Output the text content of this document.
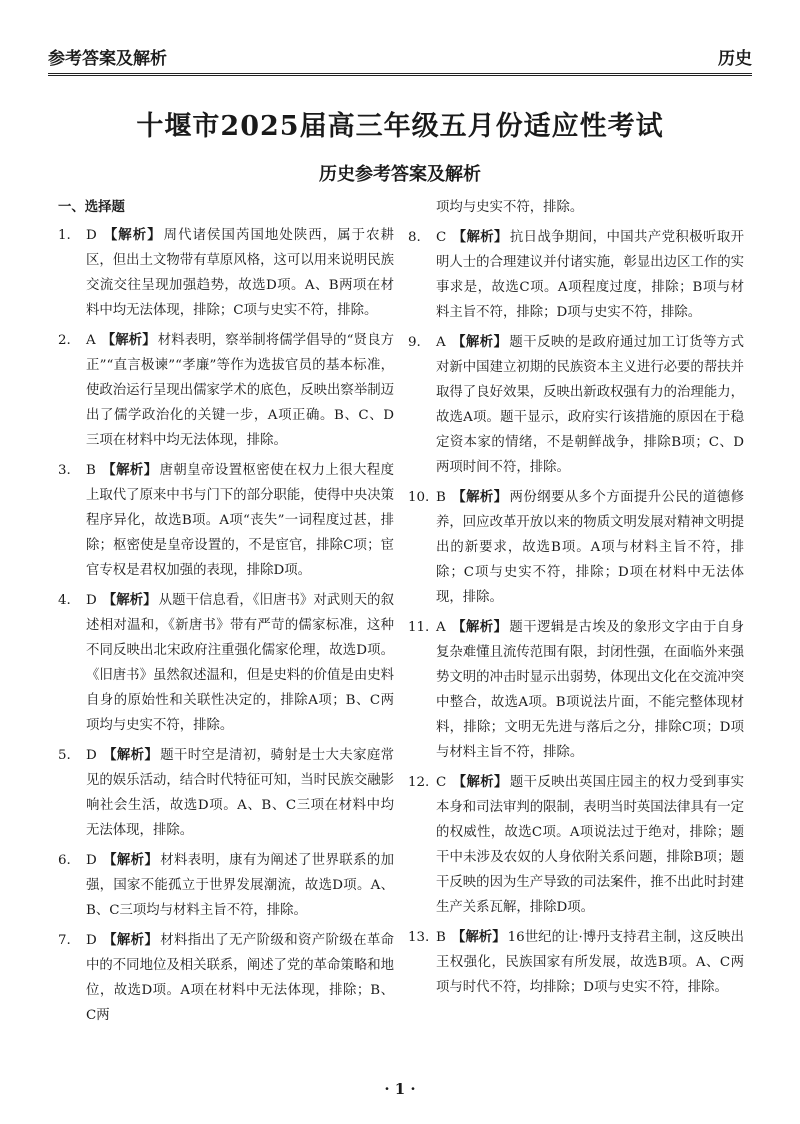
参考答案及解析	历史
十堰市2025届高三年级五月份适应性考试
历史参考答案及解析
一、选择题
1. D 【解析】 周代诸侯国芮国地处陕西，属于农耕区，但出土文物带有草原风格，这可以用来说明民族交流交往呈现加强趋势，故选D项。A、B两项在材料中均无法体现，排除；C项与史实不符，排除。
2. A 【解析】 材料表明，察举制将儒学倡导的“贤良方正”“直言极谏”“孝廉”等作为选拔官员的基本标准，使政治运行呈现出儒家学术的底色，反映出察举制迈出了儒学政治化的关键一步，A项正确。B、C、D三项在材料中均无法体现，排除。
3. B 【解析】 唐朝皇帝设置枢密使在权力上很大程度上取代了原来中书与门下的部分职能，使得中央决策程序异化，故选B项。A项“丧失”一词程度过甚，排除；枢密使是皇帝设置的，不是宦官，排除C项；宦官专权是君权加强的表现，排除D项。
4. D 【解析】 从题干信息看，《旧唐书》对武则天的叙述相对温和，《新唐书》带有严苛的儒家标准，这种不同反映出北宋政府注重强化儒家伦理，故选D项。《旧唐书》虽然叙述温和，但是史料的价值是由史料自身的原始性和关联性决定的，排除A项；B、C两项均与史实不符，排除。
5. D 【解析】 题干时空是清初，骑射是士大夫家庭常见的娱乐活动，结合时代特征可知，当时民族交融影响社会生活，故选D项。A、B、C三项在材料中均无法体现，排除。
6. D 【解析】 材料表明，康有为阐述了世界联系的加强，国家不能孤立于世界发展潮流，故选D项。A、B、C三项均与材料主旨不符，排除。
7. D 【解析】 材料指出了无产阶级和资产阶级在革命中的不同地位及相关联系，阐述了党的革命策略和地位，故选D项。A项在材料中无法体现，排除；B、C两
项均与史实不符，排除。
8. C 【解析】 抗日战争期间，中国共产党积极听取开明人士的合理建议并付诸实施，彰显出边区工作的实事求是，故选C项。A项程度过度，排除；B项与材料主旨不符，排除；D项与史实不符，排除。
9. A 【解析】 题干反映的是政府通过加工订货等方式对新中国建立初期的民族资本主义进行必要的帮扶并取得了良好效果，反映出新政权强有力的治理能力，故选A项。题干显示，政府实行该措施的原因在于稳定资本家的情绪，不是朝鲜战争，排除B项；C、D两项时间不符，排除。
10. B 【解析】 两份纲要从多个方面提升公民的道德修养，回应改革开放以来的物质文明发展对精神文明提出的新要求，故选B项。A项与材料主旨不符，排除；C项与史实不符，排除；D项在材料中无法体现，排除。
11. A 【解析】 题干逻辑是古埃及的象形文字由于自身复杂难懂且流传范围有限，封闭性强，在面临外来强势文明的冲击时显示出弱势，体现出文化在交流冲突中整合，故选A项。B项说法片面，不能完整体现材料，排除；文明无先进与落后之分，排除C项；D项与材料主旨不符，排除。
12. C 【解析】 题干反映出英国庄园主的权力受到事实本身和司法审判的限制，表明当时英国法律具有一定的权威性，故选C项。A项说法过于绝对，排除；题干中未涉及农奴的人身依附关系问题，排除B项；题干反映的因为生产导致的司法案件，推不出此时封建生产关系瓦解，排除D项。
13. B 【解析】 16世纪的让·博丹支持君主制，这反映出王权强化，民族国家有所发展，故选B项。A、C两项与时代不符，均排除；D项与史实不符，排除。
· 1 ·
